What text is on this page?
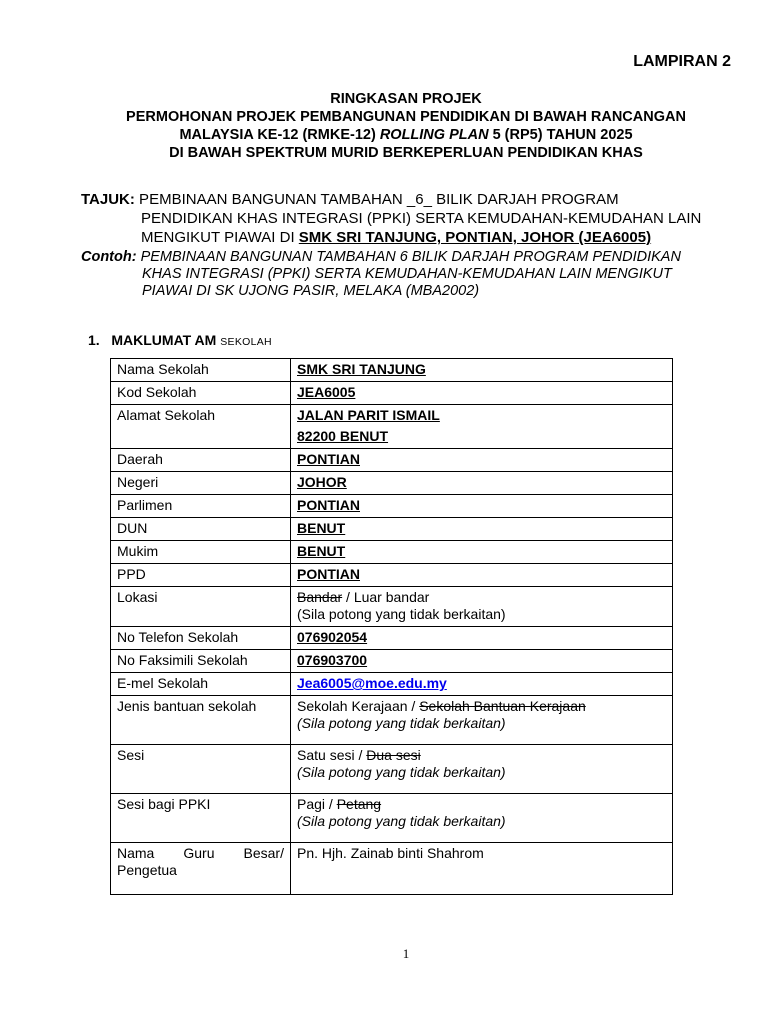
LAMPIRAN 2
RINGKASAN PROJEK
PERMOHONAN PROJEK PEMBANGUNAN PENDIDIKAN DI BAWAH RANCANGAN
MALAYSIA KE-12 (RMKE-12) ROLLING PLAN 5 (RP5) TAHUN 2025
DI BAWAH SPEKTRUM MURID BERKEPERLUAN PENDIDIKAN KHAS
TAJUK: PEMBINAAN BANGUNAN TAMBAHAN _6_ BILIK DARJAH PROGRAM
PENDIDIKAN KHAS INTEGRASI (PPKI) SERTA KEMUDAHAN-KEMUDAHAN LAIN
MENGIKUT PIAWAI DI SMK SRI TANJUNG, PONTIAN, JOHOR (JEA6005)
Contoh: PEMBINAAN BANGUNAN TAMBAHAN 6 BILIK DARJAH PROGRAM PENDIDIKAN
KHAS INTEGRASI (PPKI) SERTA KEMUDAHAN-KEMUDAHAN LAIN MENGIKUT
PIAWAI DI SK UJONG PASIR, MELAKA (MBA2002)
1. MAKLUMAT AM SEKOLAH
Nama Sekolah	SMK SRI TANJUNG
Kod Sekolah	JEA6005
Alamat Sekolah	JALAN PARIT ISMAIL
82200 BENUT

Daerah	PONTIAN
Negeri	JOHOR
Parlimen	PONTIAN
DUN	BENUT
Mukim	BENUT
PPD	PONTIAN
Lokasi	Bandar / Luar bandar
(Sila potong yang tidak berkaitan)

No Telefon Sekolah	076902054
No Faksimili Sekolah	076903700
E-mel Sekolah	Jea6005@moe.edu.my
Jenis bantuan sekolah	Sekolah Kerajaan / Sekolah Bantuan Kerajaan
(Sila potong yang tidak berkaitan)

Sesi	Satu sesi / Dua sesi
(Sila potong yang tidak berkaitan)

Sesi bagi PPKI	Pagi / Petang
(Sila potong yang tidak berkaitan)

Nama Guru Besar/
Pengetua	Pn. Hjh. Zainab binti Shahrom
1
